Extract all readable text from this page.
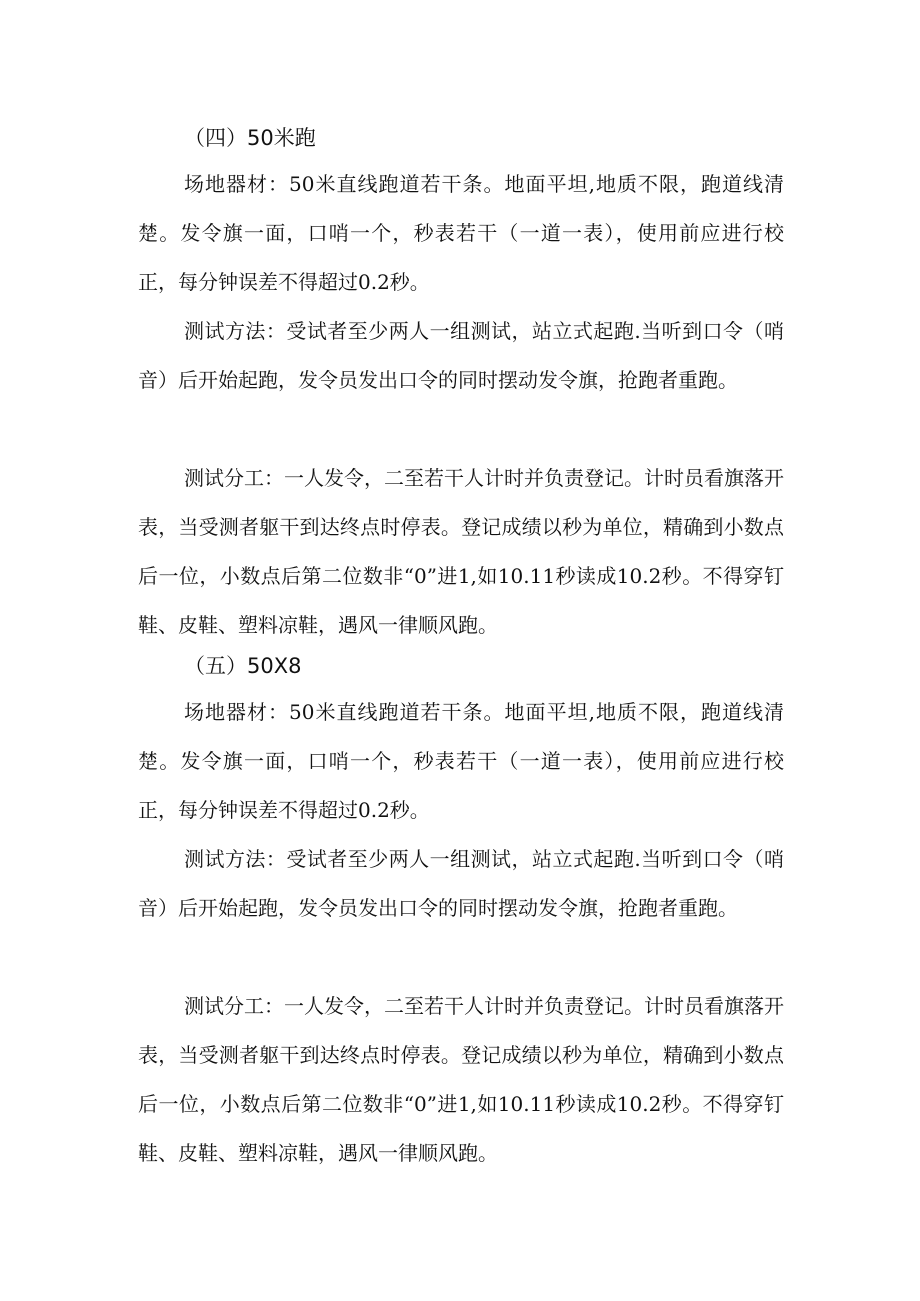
（四）50米跑

场地器材：50米直线跑道若干条。地面平坦,地质不限，跑道线清楚。发令旗一面，口哨一个，秒表若干（一道一表），使用前应进行校正，每分钟误差不得超过0.2秒。

测试方法：受试者至少两人一组测试，站立式起跑.当听到口令（哨音）后开始起跑，发令员发出口令的同时摆动发令旗，抢跑者重跑。

测试分工：一人发令，二至若干人计时并负责登记。计时员看旗落开表，当受测者躯干到达终点时停表。登记成绩以秒为单位，精确到小数点后一位，小数点后第二位数非“0”进1,如10.11秒读成10.2秒。不得穿钉鞋、皮鞋、塑料凉鞋，遇风一律顺风跑。

（五）50X8

场地器材：50米直线跑道若干条。地面平坦,地质不限，跑道线清楚。发令旗一面，口哨一个，秒表若干（一道一表），使用前应进行校正，每分钟误差不得超过0.2秒。

测试方法：受试者至少两人一组测试，站立式起跑.当听到口令（哨音）后开始起跑，发令员发出口令的同时摆动发令旗，抢跑者重跑。

测试分工：一人发令，二至若干人计时并负责登记。计时员看旗落开表，当受测者躯干到达终点时停表。登记成绩以秒为单位，精确到小数点后一位，小数点后第二位数非“0”进1,如10.11秒读成10.2秒。不得穿钉鞋、皮鞋、塑料凉鞋，遇风一律顺风跑。
